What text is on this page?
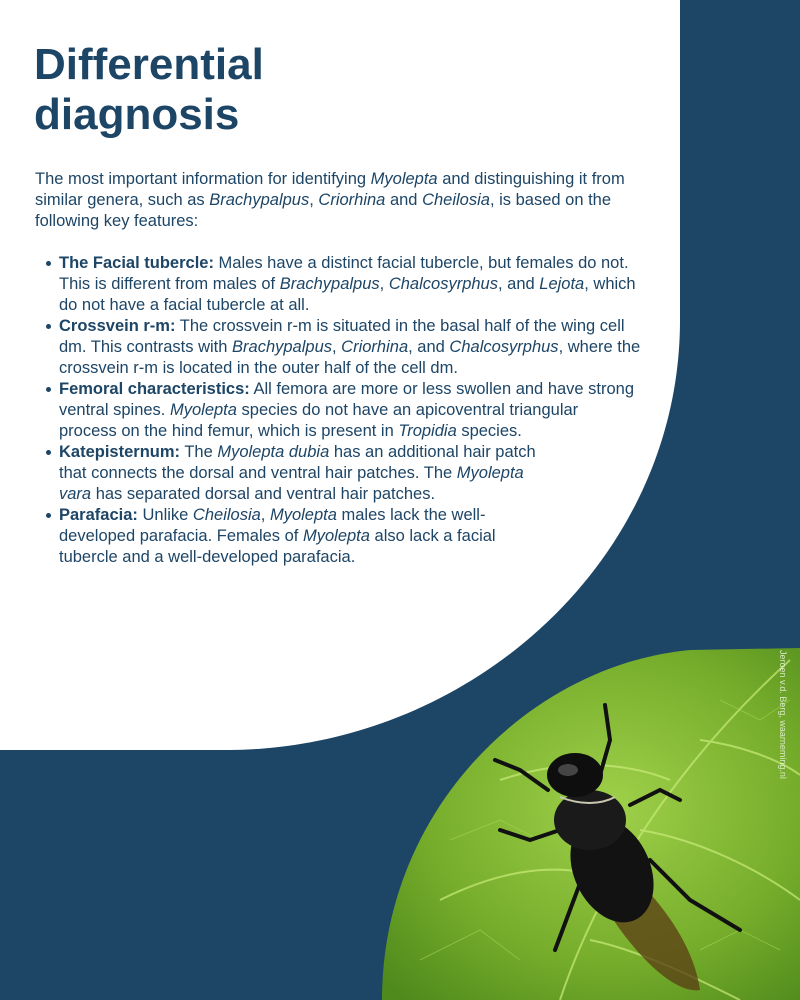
Differential
diagnosis

The most important information for identifying Myolepta and distinguishing it from similar genera, such as Brachypalpus, Criorhina and Cheilosia, is based on the following key features:

The Facial tubercle: Males have a distinct facial tubercle, but females do not. This is different from males of Brachypalpus, Chalcosyrphus, and Lejota, which do not have a facial tubercle at all.
Crossvein r-m: The crossvein r-m is situated in the basal half of the wing cell dm. This contrasts with Brachypalpus, Criorhina, and Chalcosyrphus, where the crossvein r-m is located in the outer half of the cell dm.
Femoral characteristics: All femora are more or less swollen and have strong ventral spines. Myolepta species do not have an apicoventral triangular process on the hind femur, which is present in Tropidia species.
Katepisternum: The Myolepta dubia has an additional hair patch that connects the dorsal and ventral hair patches. The Myolepta vara has separated dorsal and ventral hair patches.
Parafacia: Unlike Cheilosia, Myolepta males lack the well-developed parafacia. Females of Myolepta also lack a facial tubercle and a well-developed parafacia.
Jeroen v.d. Berg, waarneming.nl
